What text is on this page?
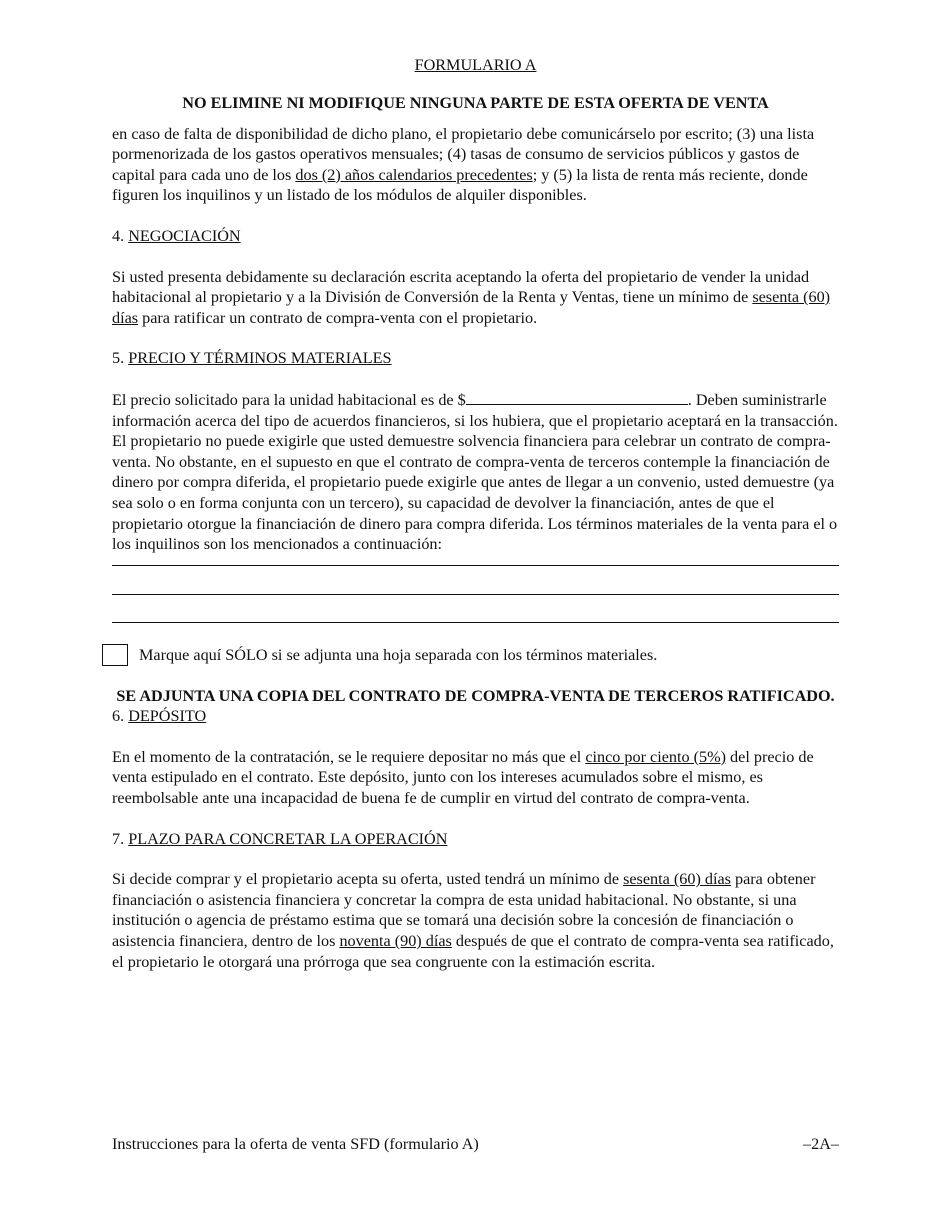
FORMULARIO A

NO ELIMINE NI MODIFIQUE NINGUNA PARTE DE ESTA OFERTA DE VENTA

en caso de falta de disponibilidad de dicho plano, el propietario debe comunicárselo por escrito; (3) una lista pormenorizada de los gastos operativos mensuales; (4) tasas de consumo de servicios públicos y gastos de capital para cada uno de los dos (2) años calendarios precedentes; y (5) la lista de renta más reciente, donde figuren los inquilinos y un listado de los módulos de alquiler disponibles.

4. NEGOCIACIÓN

Si usted presenta debidamente su declaración escrita aceptando la oferta del propietario de vender la unidad habitacional al propietario y a la División de Conversión de la Renta y Ventas, tiene un mínimo de sesenta (60) días para ratificar un contrato de compra-venta con el propietario.

5. PRECIO Y TÉRMINOS MATERIALES

El precio solicitado para la unidad habitacional es de $	. Deben suministrarle información acerca del tipo de acuerdos financieros, si los hubiera, que el propietario aceptará en la transacción. El propietario no puede exigirle que usted demuestre solvencia financiera para celebrar un contrato de compra-venta. No obstante, en el supuesto en que el contrato de compra-venta de terceros contemple la financiación de dinero por compra diferida, el propietario puede exigirle que antes de llegar a un convenio, usted demuestre (ya sea solo o en forma conjunta con un tercero), su capacidad de devolver la financiación, antes de que el propietario otorgue la financiación de dinero para compra diferida. Los términos materiales de la venta para el o los inquilinos son los mencionados a continuación:

Marque aquí SÓLO si se adjunta una hoja separada con los términos materiales.

SE ADJUNTA UNA COPIA DEL CONTRATO DE COMPRA-VENTA DE TERCEROS RATIFICADO.

6. DEPÓSITO

En el momento de la contratación, se le requiere depositar no más que el cinco por ciento (5%) del precio de venta estipulado en el contrato. Este depósito, junto con los intereses acumulados sobre el mismo, es reembolsable ante una incapacidad de buena fe de cumplir en virtud del contrato de compra-venta.

7. PLAZO PARA CONCRETAR LA OPERACIÓN

Si decide comprar y el propietario acepta su oferta, usted tendrá un mínimo de sesenta (60) días para obtener financiación o asistencia financiera y concretar la compra de esta unidad habitacional. No obstante, si una institución o agencia de préstamo estima que se tomará una decisión sobre la concesión de financiación o asistencia financiera, dentro de los noventa (90) días después de que el contrato de compra-venta sea ratificado, el propietario le otorgará una prórroga que sea congruente con la estimación escrita.

Instrucciones para la oferta de venta SFD (formulario A)	–2A–
